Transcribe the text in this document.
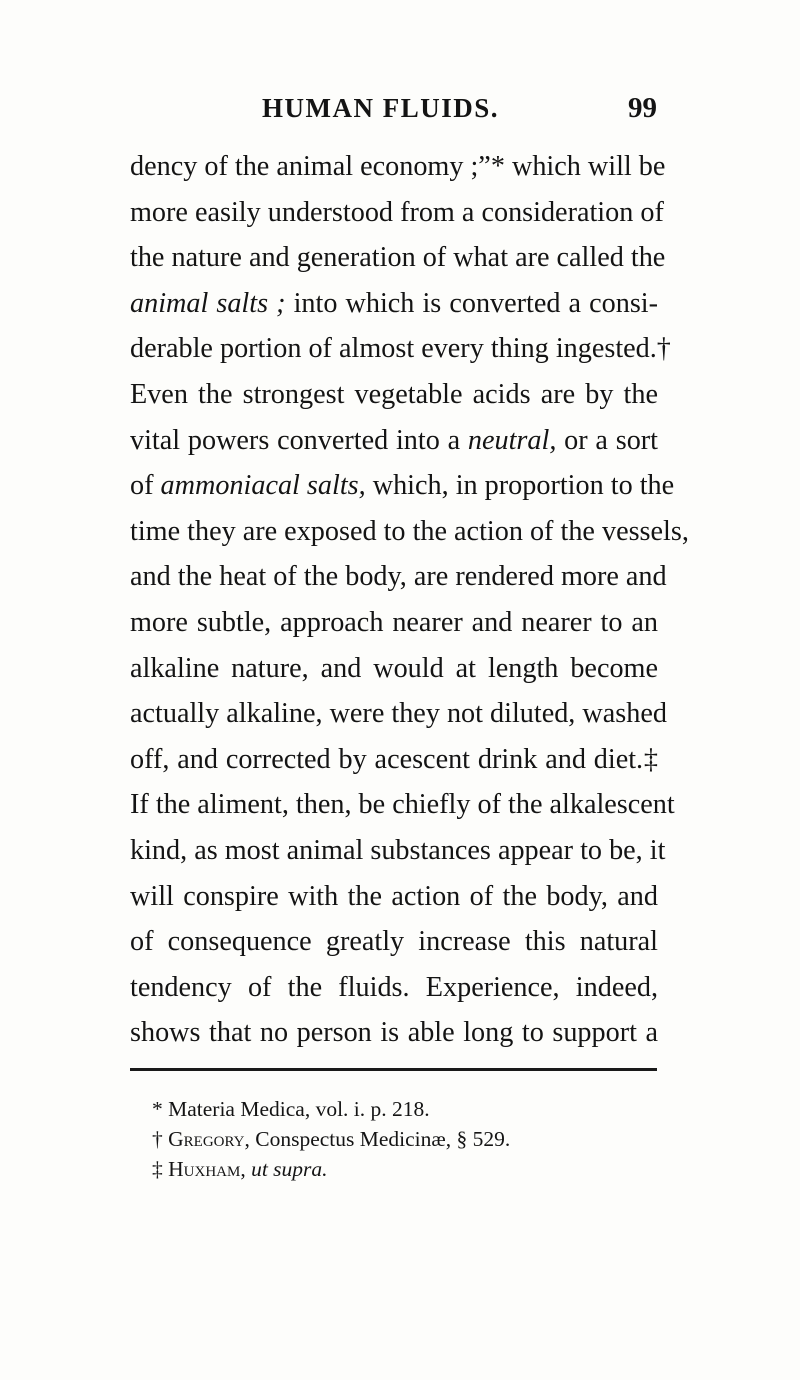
HUMAN FLUIDS.	99
dency of the animal economy ;”* which will be
more easily understood from a consideration of
the nature and generation of what are called the
animal salts ; into which is converted a consi-
derable portion of almost every thing ingested.†
Even the strongest vegetable acids are by the
vital powers converted into a neutral, or a sort
of ammoniacal salts, which, in proportion to the
time they are exposed to the action of the vessels,
and the heat of the body, are rendered more and
more subtle, approach nearer and nearer to an
alkaline nature, and would at length become
actually alkaline, were they not diluted, washed
off, and corrected by acescent drink and diet.‡
If the aliment, then, be chiefly of the alkalescent
kind, as most animal substances appear to be, it
will conspire with the action of the body, and
of consequence greatly increase this natural
tendency of the fluids. Experience, indeed,
shows that no person is able long to support a
* Materia Medica, vol. i. p. 218.
† Gregory, Conspectus Medicinæ, § 529.
‡ Huxham, ut supra.
